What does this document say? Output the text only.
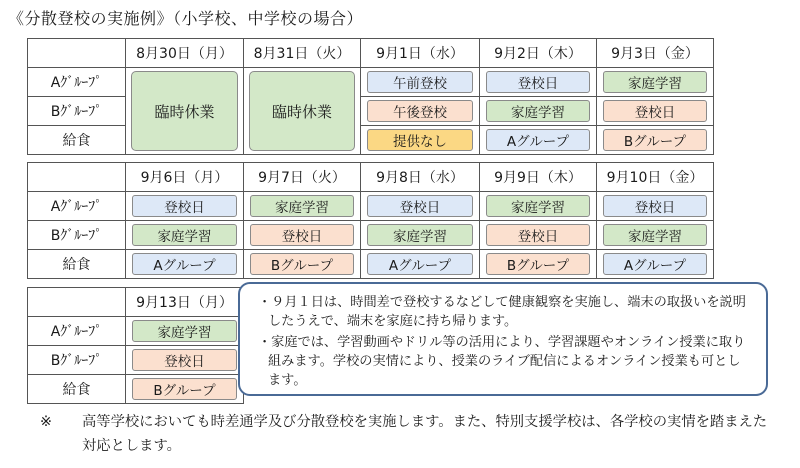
《分散登校の実施例》（小学校、中学校の場合）
	8月30日（月）	8月31日（火）	9月1日（水）	9月2日（木）	9月3日（金）
Aｸﾞﾙｰﾌﾟ	臨時休業	臨時休業	午前登校	登校日	家庭学習

Bｸﾞﾙｰﾌﾟ			午後登校	家庭学習	登校日

給食			提供なし	Aグループ	Bグループ
	9月6日（月）	9月7日（火）	9月8日（水）	9月9日（木）	9月10日（金）
Aｸﾞﾙｰﾌﾟ	登校日	家庭学習	登校日	家庭学習	登校日

Bｸﾞﾙｰﾌﾟ	家庭学習	登校日	家庭学習	登校日	家庭学習

給食	Aグループ	Bグループ	Aグループ	Bグループ	Aグループ
	9月13日（月）
Aｸﾞﾙｰﾌﾟ	家庭学習

Bｸﾞﾙｰﾌﾟ	登校日

給食	Bグループ

・９月１日は、時間差で登校するなどして健康観察を実施し、端末の取扱いを説明したうえで、端末を家庭に持ち帰ります。

・家庭では、学習動画やドリル等の活用により、学習課題やオンライン授業に取り組みます。学校の実情により、授業のライブ配信によるオンライン授業も可とします。

※	高等学校においても時差通学及び分散登校を実施します。また、特別支援学校は、各学校の実情を踏まえた対応とします。
